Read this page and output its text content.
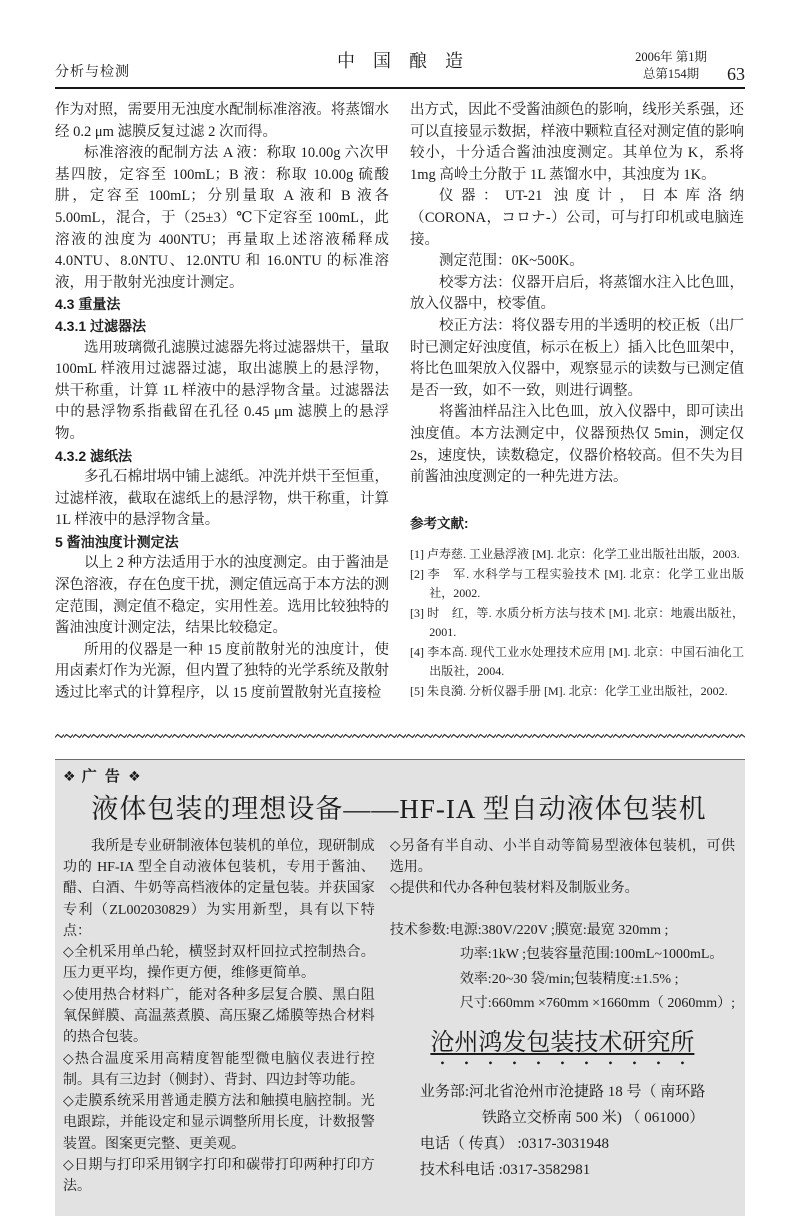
分析与检测
中　国　酿　造	2006年 第1期
总第154期	63

作为对照，需要用无浊度水配制标准溶液。将蒸馏水经 0.2 μm 滤膜反复过滤 2 次而得。

标准溶液的配制方法 A 液：称取 10.00g 六次甲基四胺，定容至 100mL；B 液：称取 10.00g 硫酸肼，定容至 100mL；分别量取 A 液和 B 液各 5.00mL，混合，于（25±3）℃下定容至 100mL，此溶液的浊度为 400NTU；再量取上述溶液稀释成 4.0NTU、8.0NTU、12.0NTU 和 16.0NTU 的标准溶液，用于散射光浊度计测定。

4.3 重量法

4.3.1 过滤器法

选用玻璃微孔滤膜过滤器先将过滤器烘干，量取 100mL 样液用过滤器过滤，取出滤膜上的悬浮物，烘干称重，计算 1L 样液中的悬浮物含量。过滤器法中的悬浮物系指截留在孔径 0.45 μm 滤膜上的悬浮物。

4.3.2 滤纸法

多孔石棉坩埚中铺上滤纸。冲洗并烘干至恒重，过滤样液，截取在滤纸上的悬浮物，烘干称重，计算 1L 样液中的悬浮物含量。

5 酱油浊度计测定法

以上 2 种方法适用于水的浊度测定。由于酱油是深色溶液，存在色度干扰，测定值远高于本方法的测定范围，测定值不稳定，实用性差。选用比较独特的酱油浊度计测定法，结果比较稳定。

所用的仪器是一种 15 度前散射光的浊度计，使用卤素灯作为光源，但内置了独特的光学系统及散射透过比率式的计算程序，以 15 度前置散射光直接检

出方式，因此不受酱油颜色的影响，线形关系强，还可以直接显示数据，样液中颗粒直径对测定值的影响较小，十分适合酱油浊度测定。其单位为 K，系将 1mg 高岭土分散于 1L 蒸馏水中，其浊度为 1K。

仪器：UT-21 浊度计，日本库洛纳（CORONA，コロナ-）公司，可与打印机或电脑连接。

测定范围：0K~500K。

校零方法：仪器开启后，将蒸馏水注入比色皿，放入仪器中，校零值。

校正方法：将仪器专用的半透明的校正板（出厂时已测定好浊度值，标示在板上）插入比色皿架中，将比色皿架放入仪器中，观察显示的读数与已测定值是否一致，如不一致，则进行调整。

将酱油样品注入比色皿，放入仪器中，即可读出浊度值。本方法测定中，仪器预热仅 5min，测定仅 2s，速度快，读数稳定，仪器价格较高。但不失为目前酱油浊度测定的一种先进方法。

参考文献:

[1] 卢寿慈. 工业悬浮液 [M]. 北京：化学工业出版社出版，2003.

[2] 李　军. 水科学与工程实验技术 [M]. 北京：化学工业出版社，2002.

[3] 时　红，等. 水质分析方法与技术 [M]. 北京：地震出版社，2001.

[4] 李本高. 现代工业水处理技术应用 [M]. 北京：中国石油化工出版社，2004.

[5] 朱良漪. 分析仪器手册 [M]. 北京：化学工业出版社，2002.

❖ 广 告 ❖
液体包装的理想设备——HF-IA 型自动液体包装机

我所是专业研制液体包装机的单位，现研制成功的 HF-IA 型全自动液体包装机，专用于酱油、醋、白酒、牛奶等高档液体的定量包装。并获国家专利（ZL002030829）为实用新型，具有以下特点：

◇全机采用单凸轮，横竖封双杆回拉式控制热合。压力更平均，操作更方便，维修更简单。

◇使用热合材料广，能对各种多层复合膜、黑白阻氧保鲜膜、高温蒸煮膜、高压聚乙烯膜等热合材料的热合包装。

◇热合温度采用高精度智能型微电脑仪表进行控制。具有三边封（侧封）、背封、四边封等功能。

◇走膜系统采用普通走膜方法和触摸电脑控制。光电跟踪，并能设定和显示调整所用长度，计数报警装置。图案更完整、更美观。

◇日期与打印采用钢字打印和碳带打印两种打印方法。

◇另备有半自动、小半自动等简易型液体包装机，可供选用。

◇提供和代办各种包装材料及制版业务。

技术参数:电源:380V/220V ;膜宽:最宽 320mm ;
功率:1kW ;包装容量范围:100mL~1000mL。
效率:20~30 袋/min;包装精度:±1.5% ;
尺寸:660mm ×760mm ×1660mm（ 2060mm）;
沧州鸿发包装技术研究所
业务部:河北省沧州市沧捷路 18 号（ 南环路
铁路立交桥南 500 米) （ 061000）
电话（ 传真） :0317-3031948
技术科电话 :0317-3582981
